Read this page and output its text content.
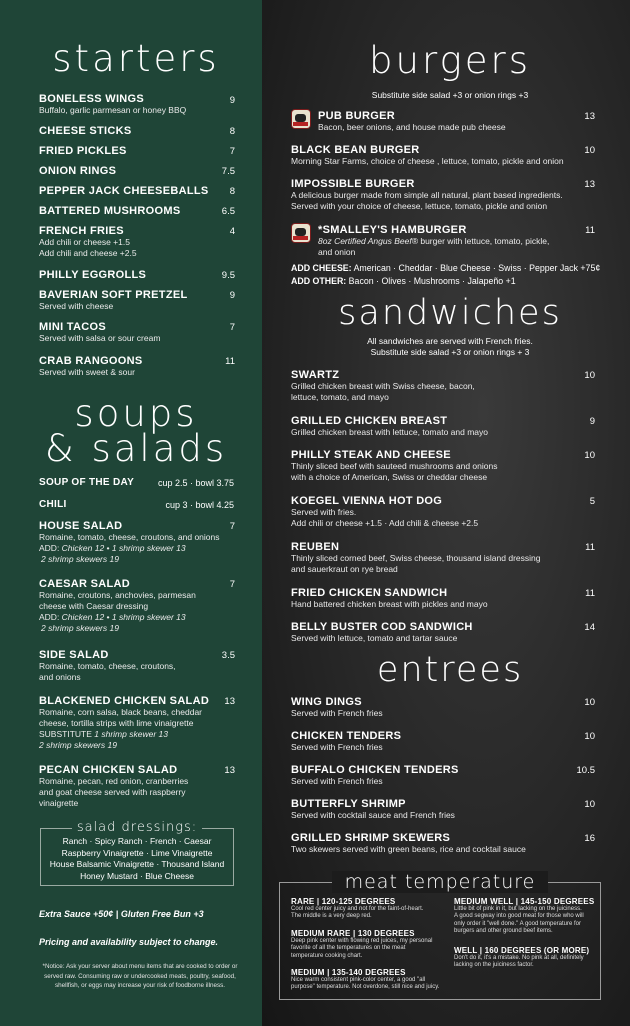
starters
BONELESS WINGS
Buffalo, garlic parmesan or honey BBQ
9
CHEESE STICKS	8
FRIED PICKLES	7
ONION RINGS	7.5
PEPPER JACK CHEESEBALLS	8
BATTERED MUSHROOMS	6.5
FRENCH FRIES
Add chili or cheese +1.5
Add chili and cheese +2.5
4
PHILLY EGGROLLS	9.5
BAVERIAN SOFT PRETZEL
Served with cheese
9
MINI TACOS
Served with salsa or sour cream
7
CRAB RANGOONS
Served with sweet & sour
11
soups
& salads
SOUP OF THE DAY	cup 2.5 · bowl 3.75
CHILI	cup 3 · bowl 4.25
HOUSE SALAD
Romaine, tomato, cheese, croutons, and onions
ADD: Chicken 12 • 1 shrimp skewer 13
2 shrimp skewers 19
7
CAESAR SALAD
Romaine, croutons, anchovies, parmesan
cheese with Caesar dressing
ADD: Chicken 12 • 1 shrimp skewer 13
2 shrimp skewers 19
7
SIDE SALAD
Romaine, tomato, cheese, croutons,
and onions
3.5
BLACKENED CHICKEN SALAD
Romaine, corn salsa, black beans, cheddar
cheese, tortilla strips with lime vinaigrette
SUBSTITUTE 1 shrimp skewer 13
2 shrimp skewers 19
13
PECAN CHICKEN SALAD
Romaine, pecan, red onion, cranberries
and goat cheese served with raspberry
vinaigrette
13
salad dressings:
Ranch · Spicy Ranch · French · Caesar
Raspberry Vinaigrette · Lime Vinaigrette
House Balsamic Vinaigrette · Thousand Island
Honey Mustard · Blue Cheese
Extra Sauce +50¢ | Gluten Free Bun +3
Pricing and availability subject to change.
*Notice: Ask your server about menu items that are cooked to order or
served raw. Consuming raw or undercooked meats, poultry, seafood,
shellfish, or eggs may increase your risk of foodborne illness.
burgers
Substitute side salad +3 or onion rings +3
PUB BURGER
Bacon, beer onions, and house made pub cheese
13
BLACK BEAN BURGER
Morning Star Farms, choice of cheese , lettuce, tomato, pickle and onion
10
IMPOSSIBLE BURGER
A delicious burger made from simple all natural, plant based ingredients.
Served with your choice of cheese, lettuce, tomato, pickle and onion
13
*SMALLEY'S HAMBURGER
8oz Certified Angus Beef® burger with lettuce, tomato, pickle,
and onion
11
ADD CHEESE: American · Cheddar · Blue Cheese · Swiss · Pepper Jack +75¢
ADD OTHER: Bacon · Olives · Mushrooms · Jalapeño +1
sandwiches
All sandwiches are served with French fries.
Substitute side salad +3 or onion rings + 3
SWARTZ
Grilled chicken breast with Swiss cheese, bacon,
lettuce, tomato, and mayo
10
GRILLED CHICKEN BREAST
Grilled chicken breast with lettuce, tomato and mayo
9
PHILLY STEAK AND CHEESE
Thinly sliced beef with sauteed mushrooms and onions
with a choice of American, Swiss or cheddar cheese
10
KOEGEL VIENNA HOT DOG
Served with fries.
Add chili or cheese +1.5 · Add chili & cheese +2.5
5
REUBEN
Thinly sliced corned beef, Swiss cheese, thousand island dressing
and sauerkraut on rye bread
11
FRIED CHICKEN SANDWICH
Hand battered chicken breast with pickles and mayo
11
BELLY BUSTER COD SANDWICH
Served with lettuce, tomato and tartar sauce
14
entrees
WING DINGS
Served with French fries
10
CHICKEN TENDERS
Served with French fries
10
BUFFALO CHICKEN TENDERS
Served with French fries
10.5
BUTTERFLY SHRIMP
Served with cocktail sauce and French fries
10
GRILLED SHRIMP SKEWERS
Two skewers served with green beans, rice and cocktail sauce
16
meat temperature
RARE | 120-125 DEGREES
Cool red center juicy and not for the faint-of-heart.
The middle is a very deep red.
MEDIUM RARE | 130 DEGREES
Deep pink center with flowing red juices, my personal
favorite of all the temperatures on the meat
temperature cooking chart.
MEDIUM | 135-140 DEGREES
Nice warm consistent pink-color center, a good "all
purpose" temperature. Not overdone, still nice and juicy.
MEDIUM WELL | 145-150 DEGREES
Little bit of pink in it, but lacking on the juiciness.
A good segway into good meat for those who will
only order it "well done." A good temperature for
burgers and other ground beef items.
WELL | 160 DEGREES (OR MORE)
Don't do it, it's a mistake. No pink at all, definitely
lacking on the juiciness factor.
